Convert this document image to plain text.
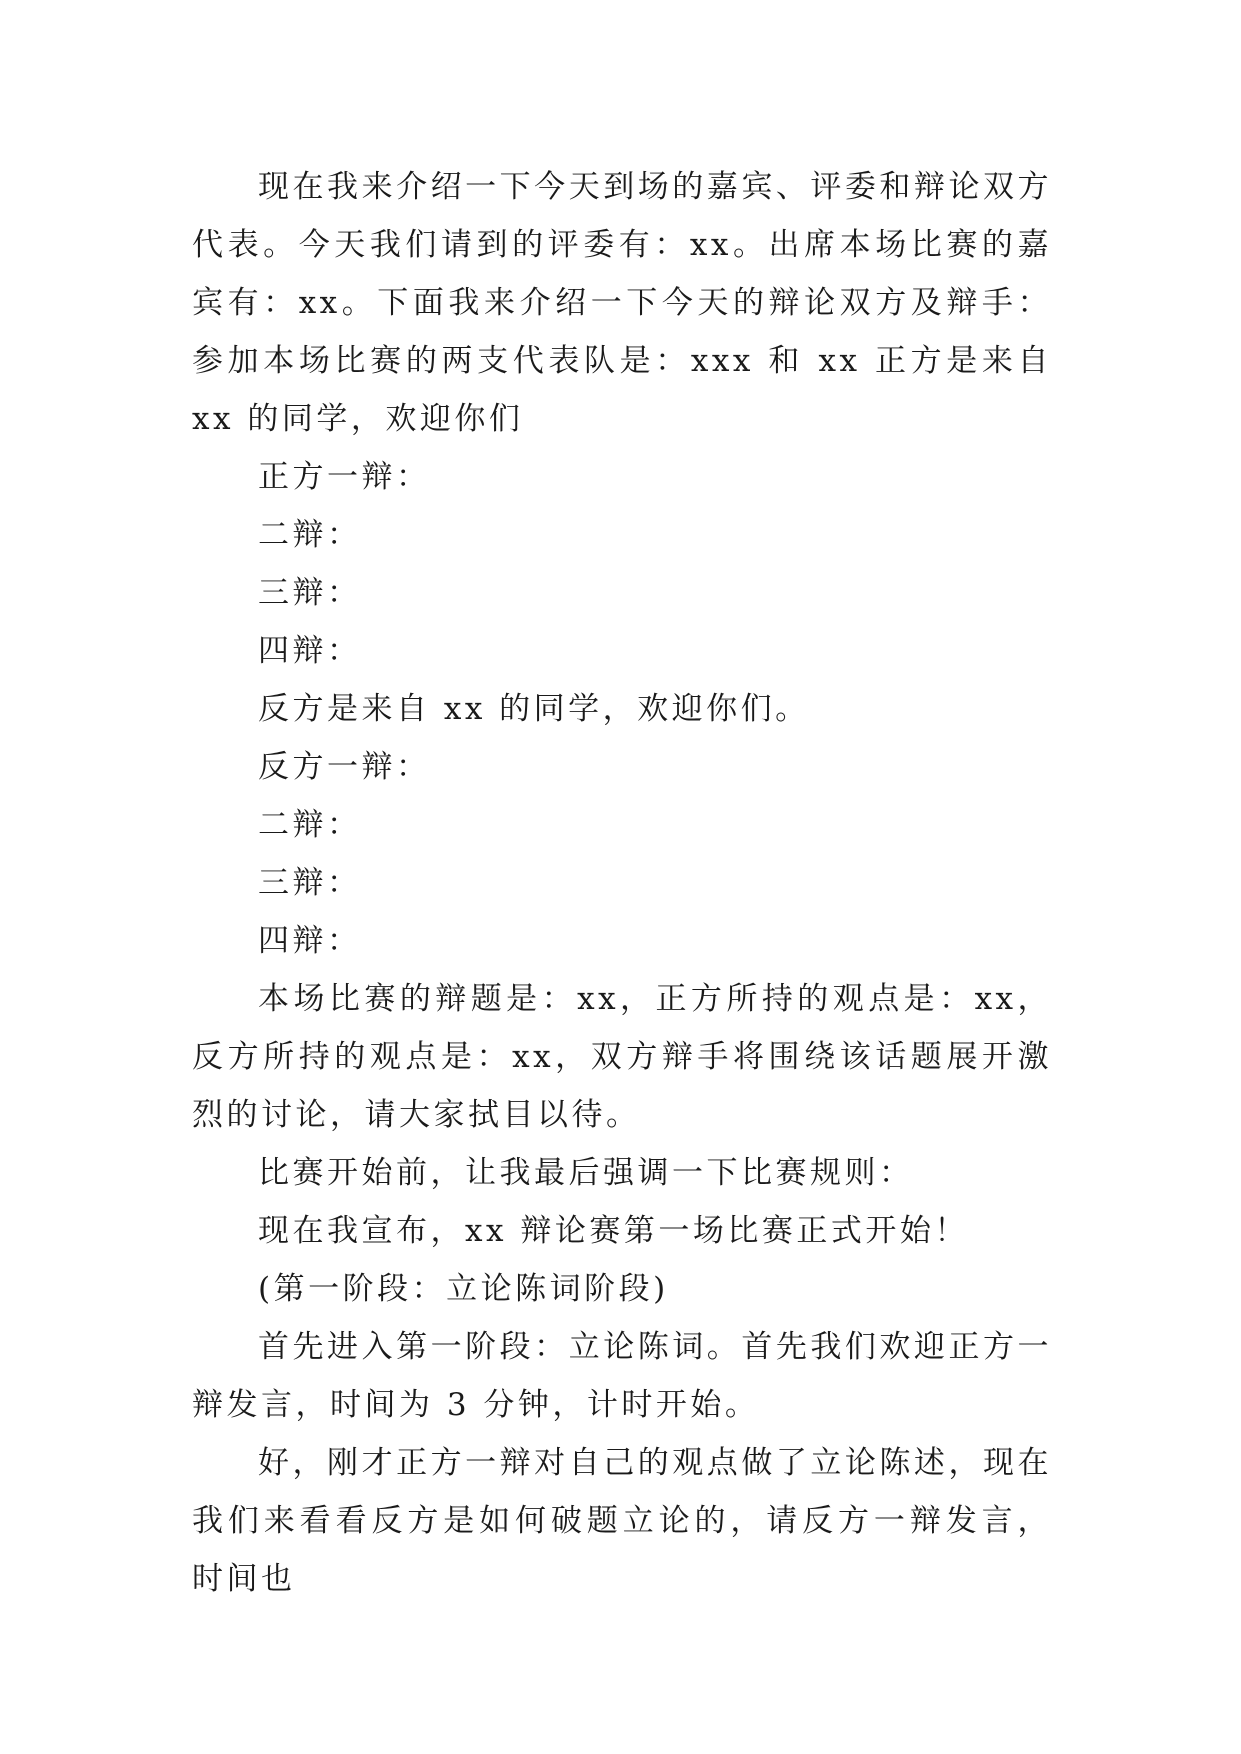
现在我来介绍一下今天到场的嘉宾、评委和辩论双方代表。今天我们请到的评委有：xx。出席本场比赛的嘉宾有：xx。下面我来介绍一下今天的辩论双方及辩手：参加本场比赛的两支代表队是：xxx 和 xx 正方是来自 xx 的同学，欢迎你们

正方一辩：

二辩：

三辩：

四辩：

反方是来自 xx 的同学，欢迎你们。

反方一辩：

二辩：

三辩：

四辩：

本场比赛的辩题是：xx，正方所持的观点是：xx，反方所持的观点是：xx，双方辩手将围绕该话题展开激烈的讨论，请大家拭目以待。

比赛开始前，让我最后强调一下比赛规则：

现在我宣布，xx 辩论赛第一场比赛正式开始！

(第一阶段：立论陈词阶段)

首先进入第一阶段：立论陈词。首先我们欢迎正方一辩发言，时间为 3 分钟，计时开始。

好，刚才正方一辩对自己的观点做了立论陈述，现在我们来看看反方是如何破题立论的，请反方一辩发言，时间也
